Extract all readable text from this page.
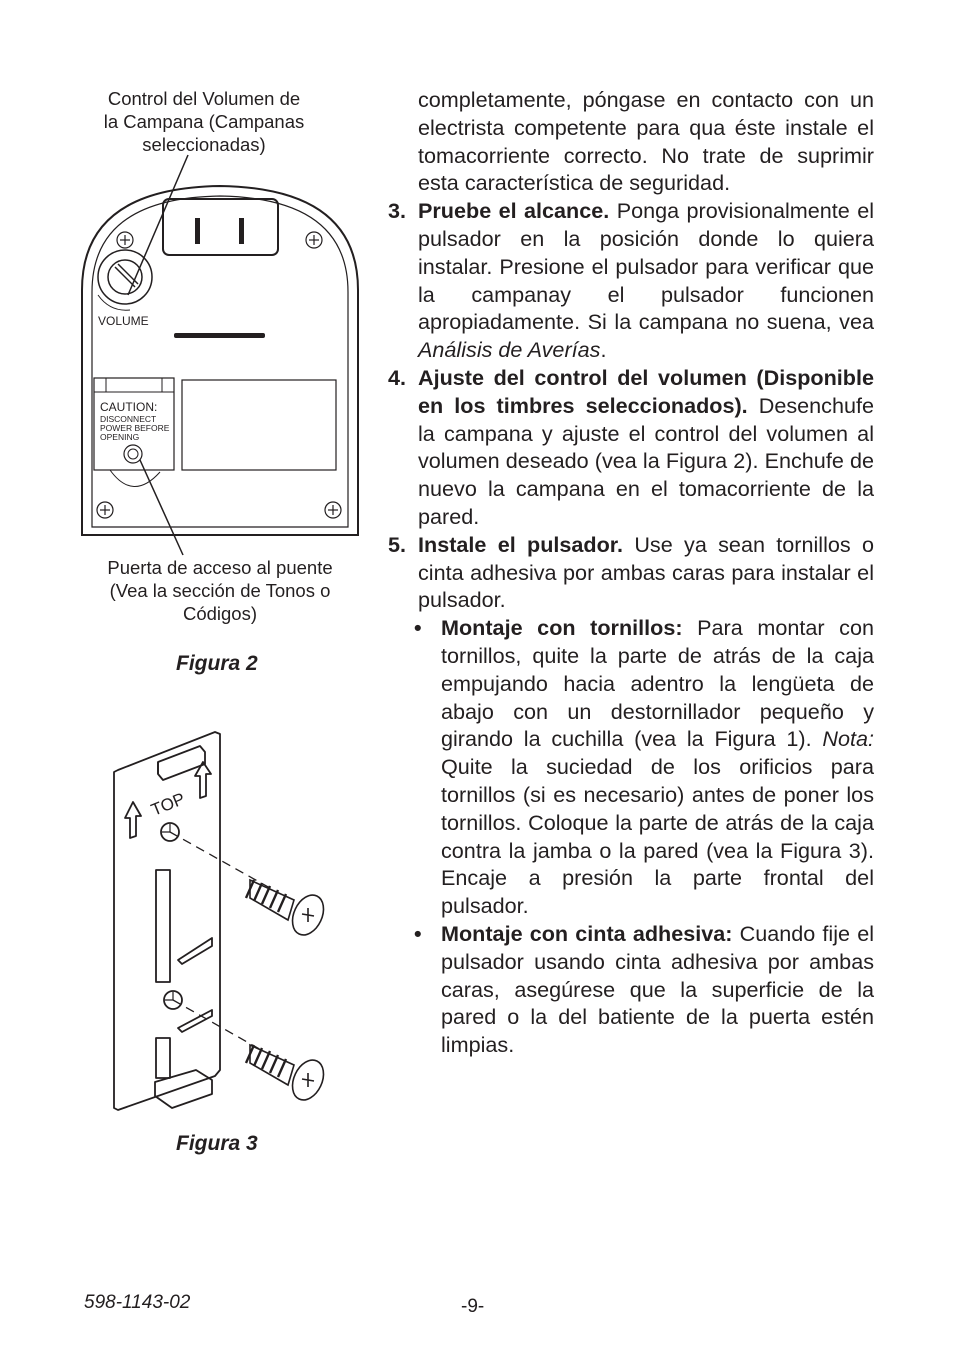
Control del Volumen de
la Campana (Campanas
seleccionadas)
VOLUME
CAUTION:
DISCONNECT
POWER BEFORE
OPENING
Puerta de acceso al puente
(Vea la sección de Tonos o
Códigos)
Figura 2
TOP
Figura 3

completamente, póngase en contacto con un electrista competente para qua éste instale el tomacorriente correcto. No trate de suprimir esta característica de seguridad.

3. Pruebe el alcance. Ponga provisionalmente el pulsador en la posición donde lo quiera instalar. Presione el pulsador para verificar que la campanay el pulsador funcionen apropiadamente. Si la campana no suena, vea Análisis de Averías.

4. Ajuste del control del volumen (Disponible en los timbres seleccionados). Desenchufe la campana y ajuste el control del volumen al volumen deseado (vea la Figura 2). Enchufe de nuevo la campana en el tomacorriente de la pared.

5. Instale el pulsador. Use ya sean tornillos o cinta adhesiva por ambas caras para instalar el pulsador.

• Montaje con tornillos: Para montar con tornillos, quite la parte de atrás de la caja empujando hacia adentro la lengüeta de abajo con un destornillador pequeño y girando la cuchilla (vea la Figura 1). Nota: Quite la suciedad de los orificios para tornillos (si es necesario) antes de poner los tornillos. Coloque la parte de atrás de la caja contra la jamba o la pared (vea la Figura 3). Encaje a presión la parte frontal del pulsador.

• Montaje con cinta adhesiva: Cuando fije el pulsador usando cinta adhesiva por ambas caras, asegúrese que la superficie de la pared o la del batiente de la puerta estén limpias.

598-1143-02	-9-
